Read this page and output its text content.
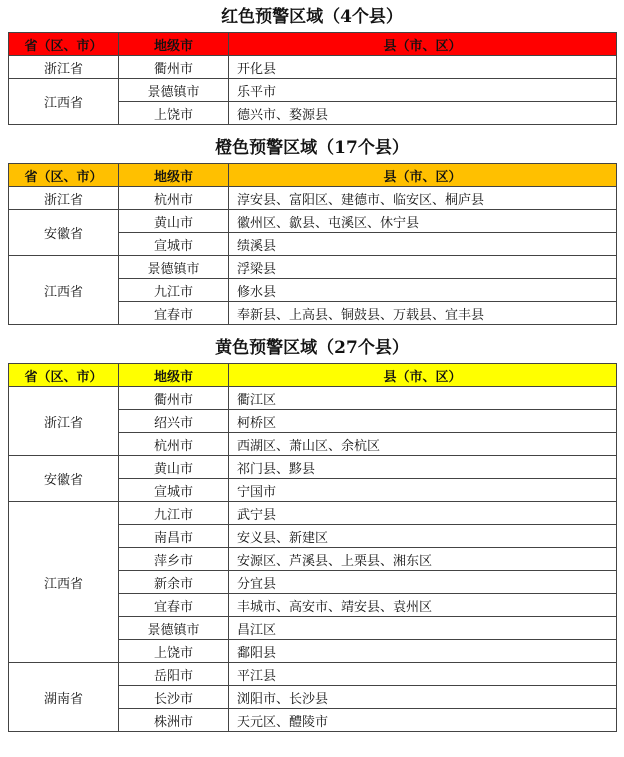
红色预警区域（4个县）
省（区、市）	地级市	县（市、区）
浙江省	衢州市	开化县
江西省	景德镇市	乐平市
	上饶市	德兴市、婺源县
橙色预警区域（17个县）
省（区、市）	地级市	县（市、区）
浙江省	杭州市	淳安县、富阳区、建德市、临安区、桐庐县
安徽省	黄山市	徽州区、歙县、屯溪区、休宁县
	宣城市	绩溪县
江西省	景德镇市	浮梁县
	九江市	修水县
	宜春市	奉新县、上高县、铜鼓县、万载县、宜丰县
黄色预警区域（27个县）
省（区、市）	地级市	县（市、区）
浙江省	衢州市	衢江区
	绍兴市	柯桥区
	杭州市	西湖区、萧山区、余杭区
安徽省	黄山市	祁门县、黟县
	宣城市	宁国市
江西省	九江市	武宁县
	南昌市	安义县、新建区
	萍乡市	安源区、芦溪县、上栗县、湘东区
	新余市	分宜县
	宜春市	丰城市、高安市、靖安县、袁州区
	景德镇市	昌江区
	上饶市	鄱阳县
湖南省	岳阳市	平江县
	长沙市	浏阳市、长沙县
	株洲市	天元区、醴陵市
